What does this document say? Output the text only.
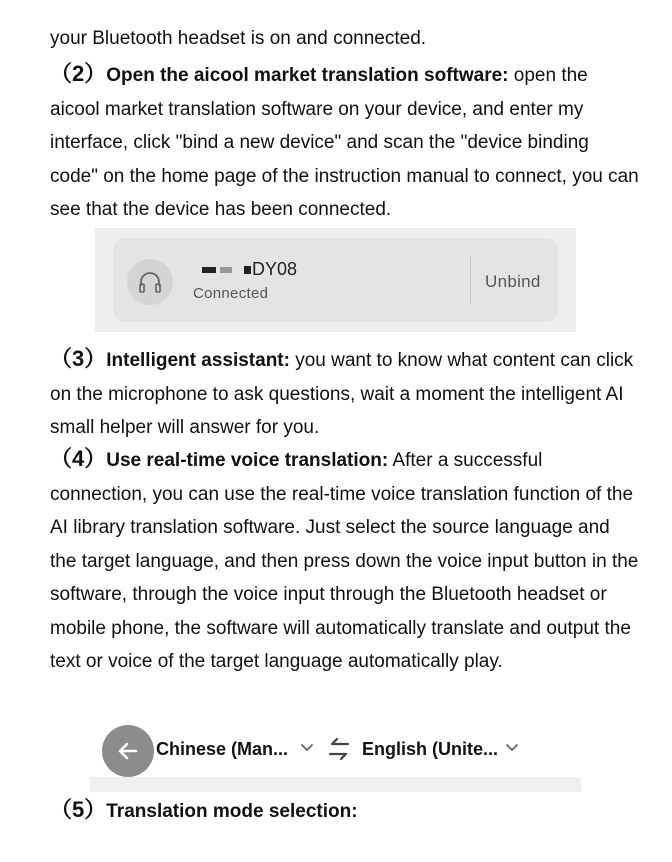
your Bluetooth headset is on and connected.

（2）Open the aicool market translation software: open the aicool market translation software on your device, and enter my interface, click "bind a new device" and scan the "device binding code" on the home page of the instruction manual to connect, you can see that the device has been connected.

DY08
Connected
Unbind

（3）Intelligent assistant: you want to know what content can click on the microphone to ask questions, wait a moment the intelligent AI small helper will answer for you.

（4）Use real-time voice translation: After a successful connection, you can use the real-time voice translation function of the AI library translation software. Just select the source language and the target language, and then press down the voice input button in the software, through the voice input through the Bluetooth headset or mobile phone, the software will automatically translate and output the text or voice of the target language automatically play.

Chinese (Man...	English (Unite...

（5）Translation mode selection:
